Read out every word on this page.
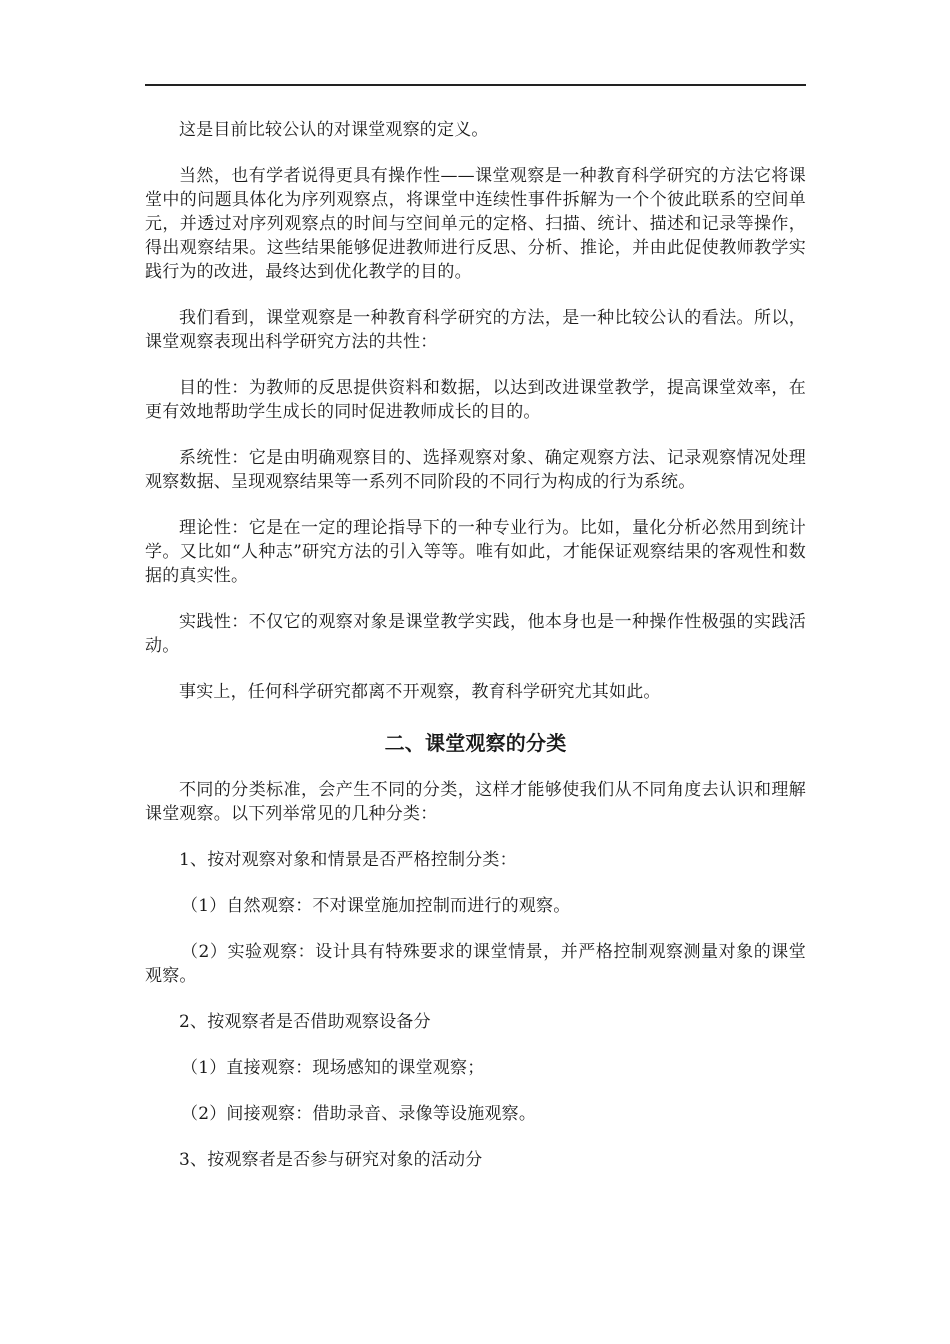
这是目前比较公认的对课堂观察的定义。

当然，也有学者说得更具有操作性——课堂观察是一种教育科学研究的方法它将课堂中的问题具体化为序列观察点，将课堂中连续性事件拆解为一个个彼此联系的空间单元，并透过对序列观察点的时间与空间单元的定格、扫描、统计、描述和记录等操作，得出观察结果。这些结果能够促进教师进行反思、分析、推论，并由此促使教师教学实践行为的改进，最终达到优化教学的目的。

我们看到，课堂观察是一种教育科学研究的方法，是一种比较公认的看法。所以，课堂观察表现出科学研究方法的共性：

目的性：为教师的反思提供资料和数据，以达到改进课堂教学，提高课堂效率，在更有效地帮助学生成长的同时促进教师成长的目的。

系统性：它是由明确观察目的、选择观察对象、确定观察方法、记录观察情况处理观察数据、呈现观察结果等一系列不同阶段的不同行为构成的行为系统。

理论性：它是在一定的理论指导下的一种专业行为。比如，量化分析必然用到统计学。又比如“人种志”研究方法的引入等等。唯有如此，才能保证观察结果的客观性和数据的真实性。

实践性：不仅它的观察对象是课堂教学实践，他本身也是一种操作性极强的实践活动。

事实上，任何科学研究都离不开观察，教育科学研究尤其如此。

二、课堂观察的分类

不同的分类标准，会产生不同的分类，这样才能够使我们从不同角度去认识和理解课堂观察。以下列举常见的几种分类：

1、按对观察对象和情景是否严格控制分类：

（1）自然观察：不对课堂施加控制而进行的观察。

（2）实验观察：设计具有特殊要求的课堂情景，并严格控制观察测量对象的课堂观察。

2、按观察者是否借助观察设备分

（1）直接观察：现场感知的课堂观察；

（2）间接观察：借助录音、录像等设施观察。

3、按观察者是否参与研究对象的活动分
